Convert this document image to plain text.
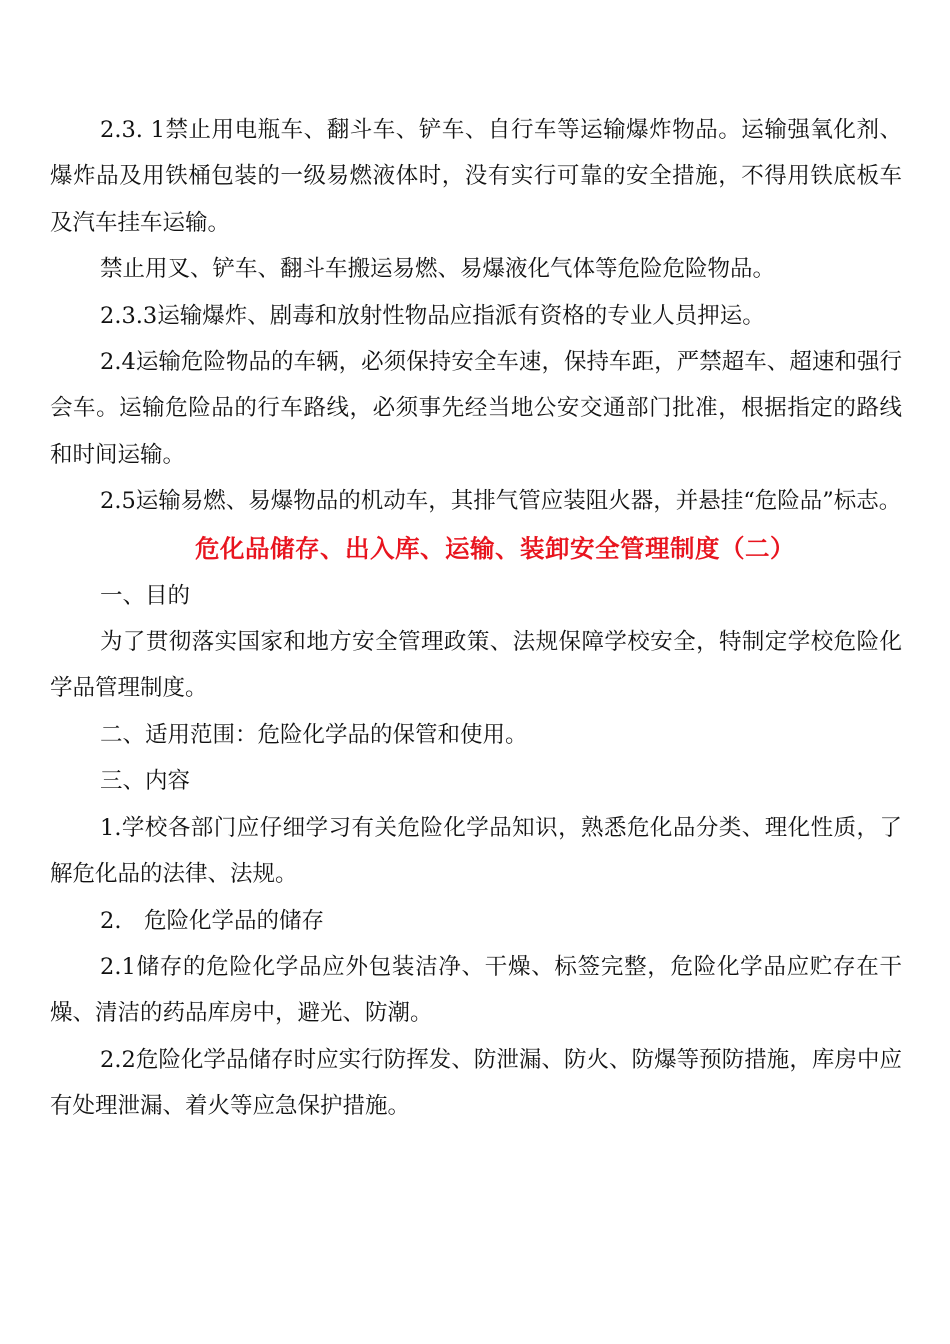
2.3. 1禁止用电瓶车、翻斗车、铲车、自行车等运输爆炸物品。运输强氧化剂、爆炸品及用铁桶包装的一级易燃液体时，没有实行可靠的安全措施，不得用铁底板车及汽车挂车运输。

禁止用叉、铲车、翻斗车搬运易燃、易爆液化气体等危险危险物品。

2.3.3运输爆炸、剧毒和放射性物品应指派有资格的专业人员押运。

2.4运输危险物品的车辆，必须保持安全车速，保持车距，严禁超车、超速和强行会车。运输危险品的行车路线，必须事先经当地公安交通部门批准，根据指定的路线和时间运输。

2.5运输易燃、易爆物品的机动车，其排气管应装阻火器，并悬挂“危险品”标志。

危化品储存、出入库、运输、装卸安全管理制度（二）

一、目的

为了贯彻落实国家和地方安全管理政策、法规保障学校安全，特制定学校危险化学品管理制度。

二、适用范围：危险化学品的保管和使用。

三、内容

1.学校各部门应仔细学习有关危险化学品知识，熟悉危化品分类、理化性质，了解危化品的法律、法规。

2.　危险化学品的储存

2.1储存的危险化学品应外包装洁净、干燥、标签完整，危险化学品应贮存在干燥、清洁的药品库房中，避光、防潮。

2.2危险化学品储存时应实行防挥发、防泄漏、防火、防爆等预防措施，库房中应有处理泄漏、着火等应急保护措施。
